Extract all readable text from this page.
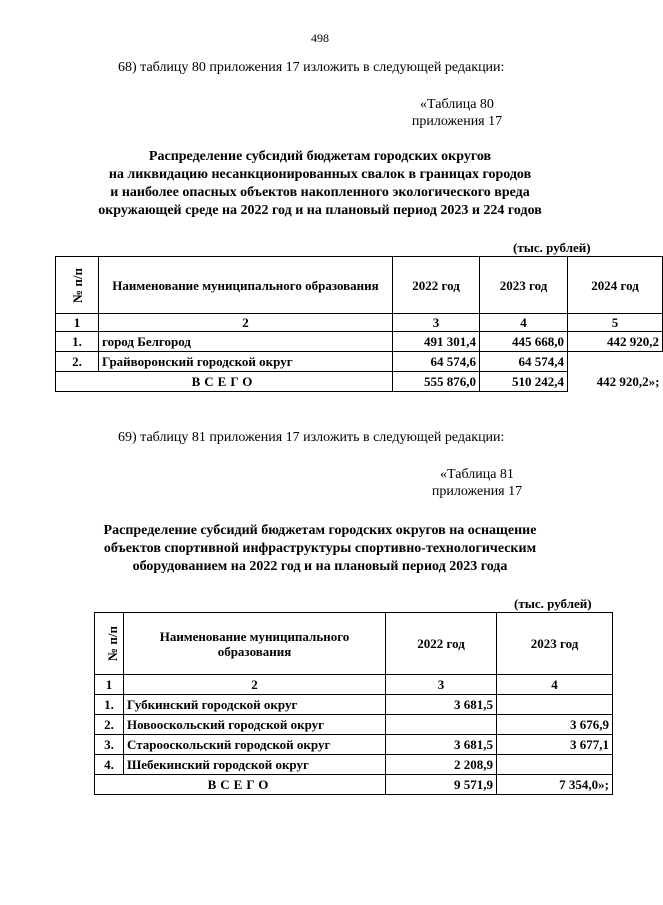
498
68) таблицу 80 приложения 17 изложить в следующей редакции:
«Таблица 80
приложения 17
Распределение субсидий бюджетам городских округов
на ликвидацию несанкционированных свалок в границах городов
и наиболее опасных объектов накопленного экологического вреда
окружающей среде на 2022 год и на плановый период 2023 и 224 годов
(тыс. рублей)
№ п/п	Наименование муниципального образования	2022 год	2023 год	2024 год
1	2	3	4	5
1.	город Белгород	491 301,4	445 668,0	442 920,2
2.	Грайворонский городской округ	64 574,6	64 574,4	
ВСЕГО		555 876,0	510 242,4	442 920,2»;
69) таблицу 81 приложения 17 изложить в следующей редакции:
«Таблица 81
приложения 17
Распределение субсидий бюджетам городских округов на оснащение
объектов спортивной инфраструктуры спортивно-технологическим
оборудованием на 2022 год и на плановый период 2023 года
(тыс. рублей)
№ п/п	Наименование муниципального образования	2022 год	2023 год
1	2	3	4
1.	Губкинский городской округ	3 681,5	
2.	Новооскольский городской округ		3 676,9
3.	Старооскольский городской округ	3 681,5	3 677,1
4.	Шебекинский городской округ	2 208,9	
ВСЕГО		9 571,9	7 354,0»;
